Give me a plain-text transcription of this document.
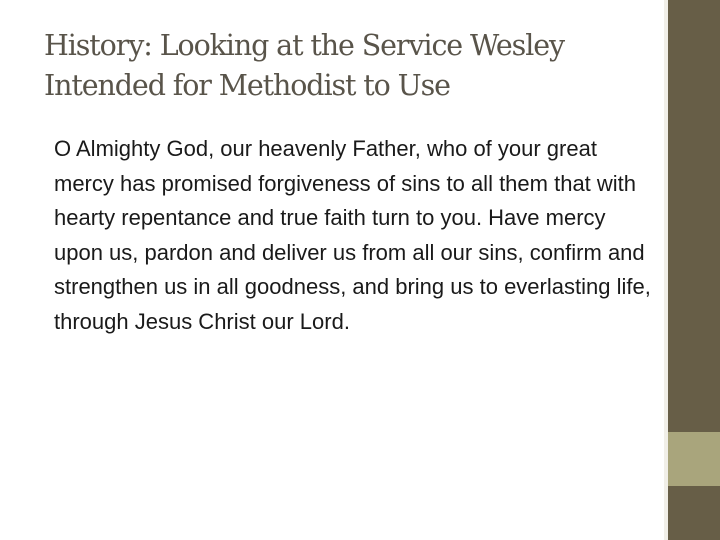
History: Looking at the Service Wesley Intended for Methodist to Use

O Almighty God, our heavenly Father, who of your great mercy has promised forgiveness of sins to all them that with hearty repentance and true faith turn to you. Have mercy upon us, pardon and deliver us from all our sins, confirm and strengthen us in all goodness, and bring us to everlasting life, through Jesus Christ our Lord.
